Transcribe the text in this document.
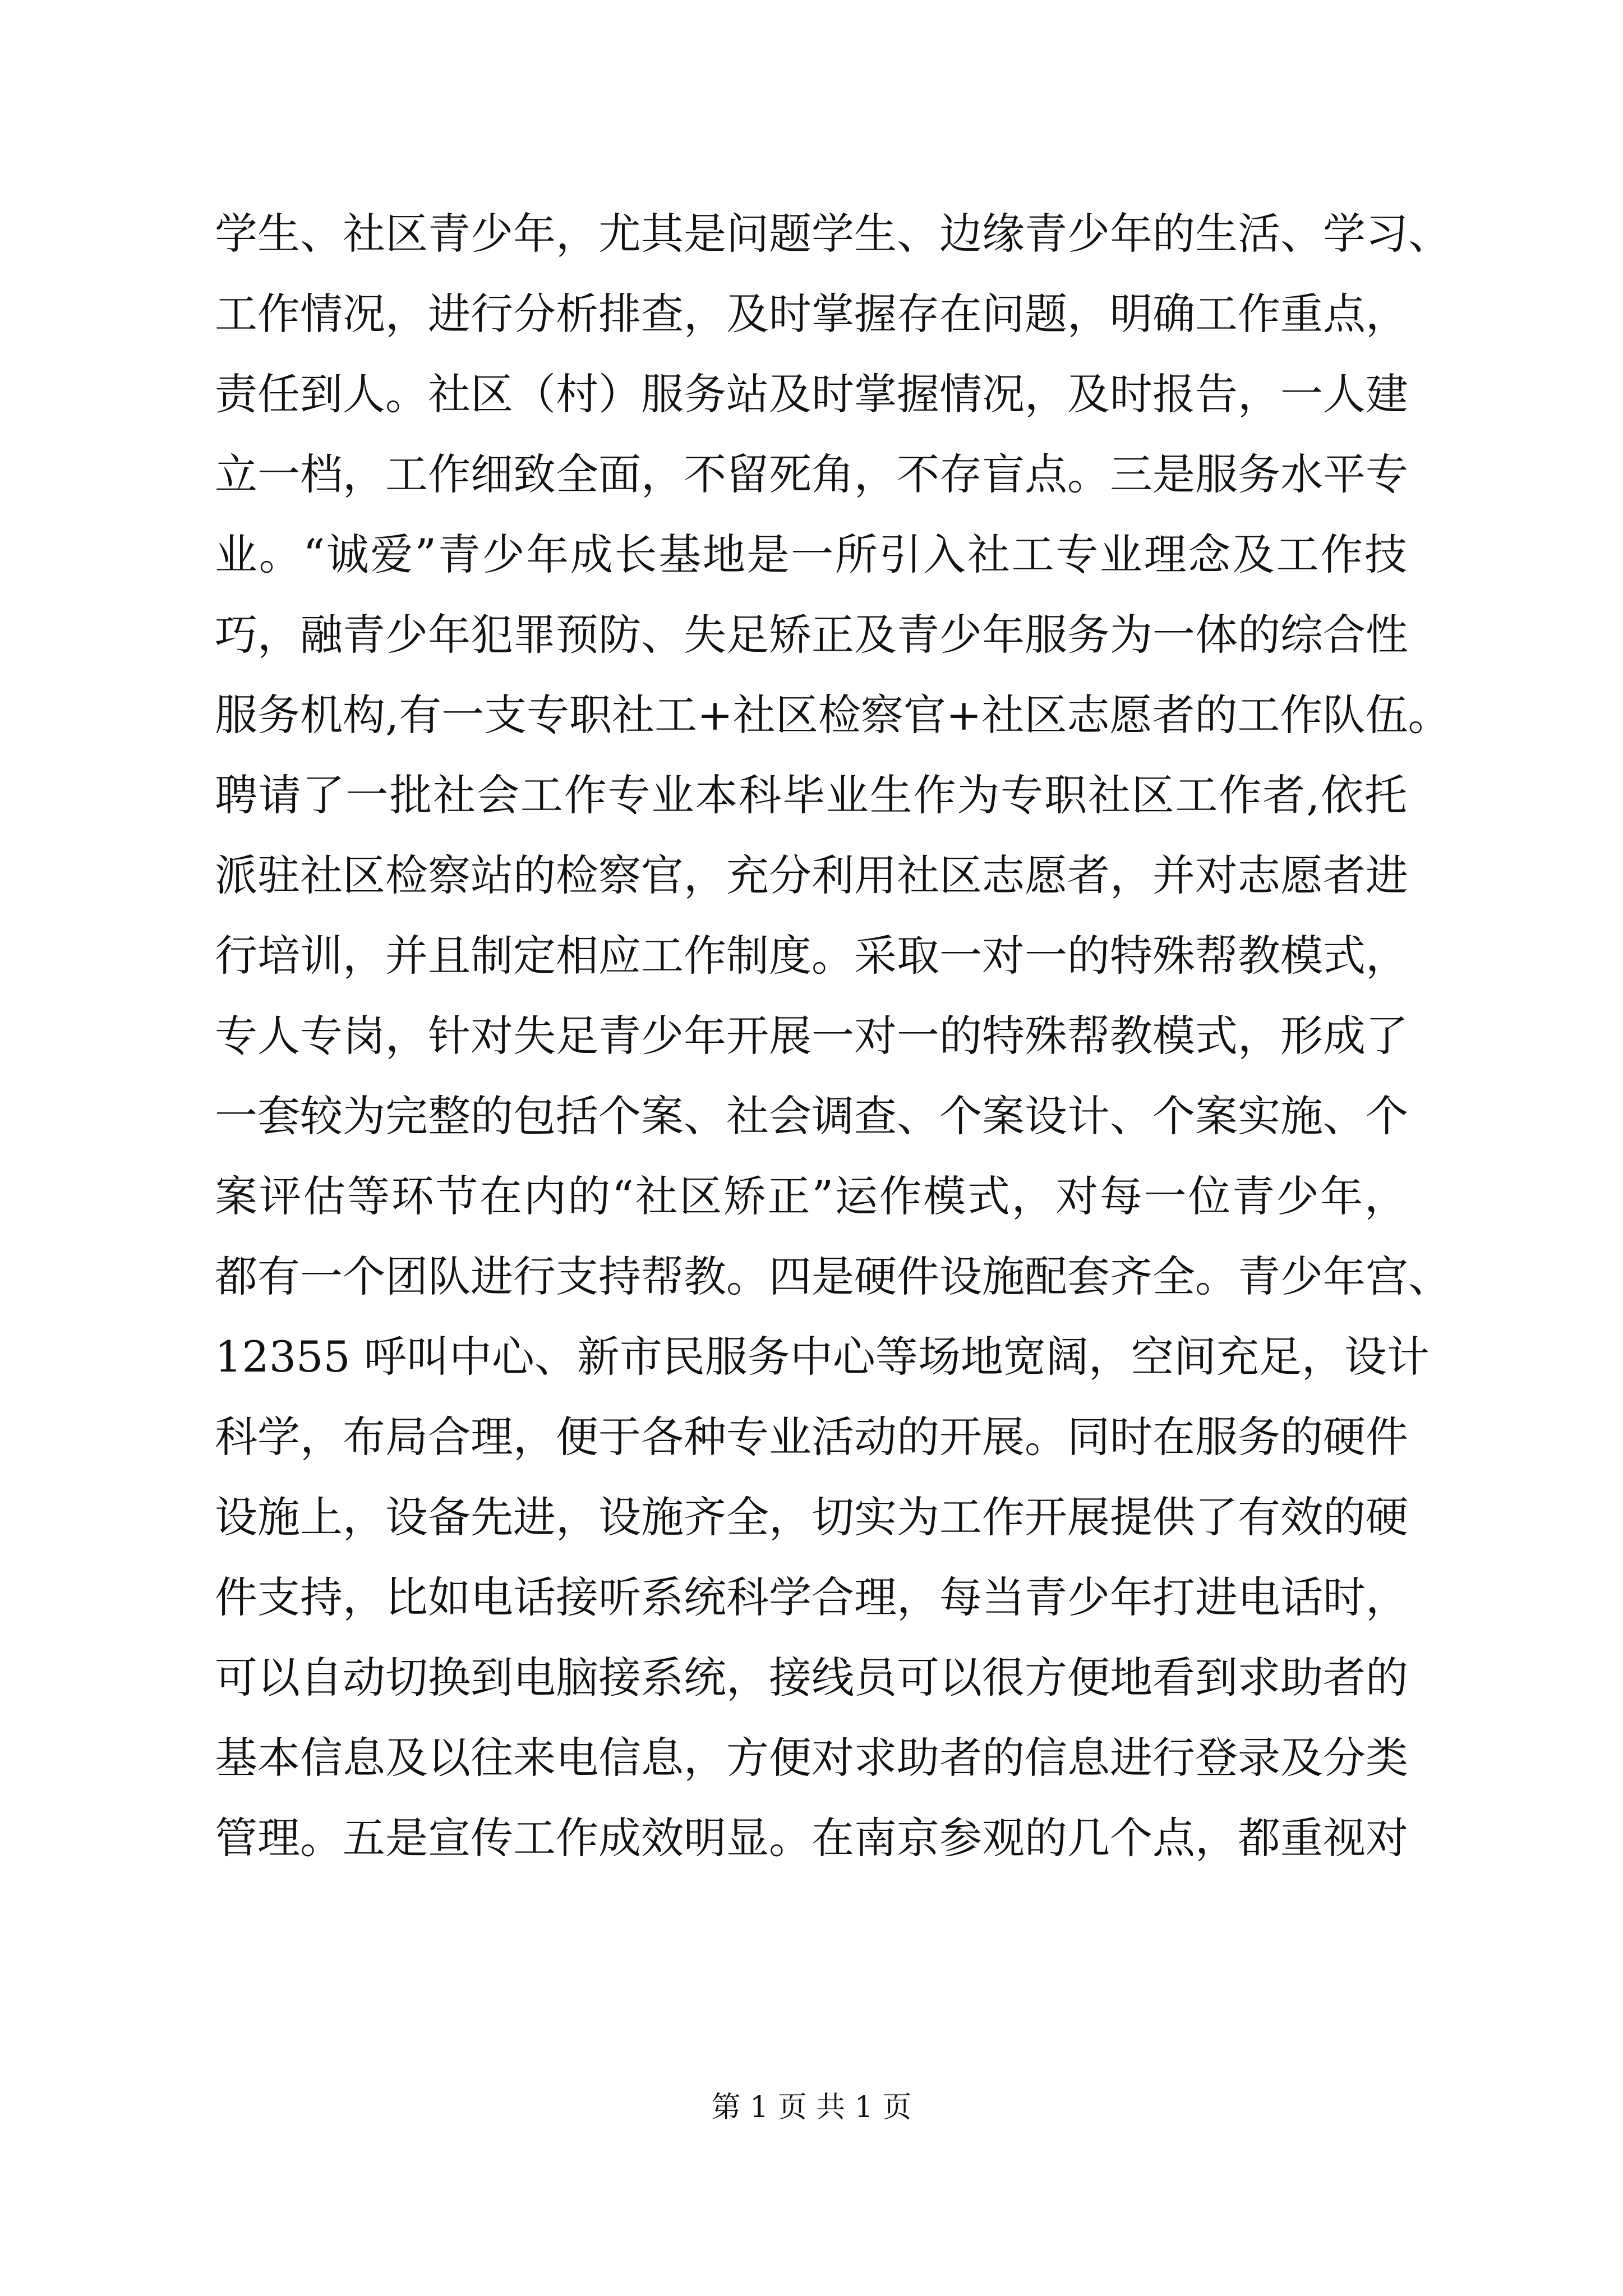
学生、社区青少年，尤其是问题学生、边缘青少年的生活、学习、
工作情况，进行分析排查，及时掌握存在问题，明确工作重点，
责任到人。社区（村）服务站及时掌握情况，及时报告，一人建
立一档，工作细致全面，不留死角，不存盲点。三是服务水平专
业。“诚爱”青少年成长基地是一所引入社工专业理念及工作技
巧，融青少年犯罪预防、失足矫正及青少年服务为一体的综合性
服务机构,有一支专职社工+社区检察官+社区志愿者的工作队伍。
聘请了一批社会工作专业本科毕业生作为专职社区工作者,依托
派驻社区检察站的检察官，充分利用社区志愿者，并对志愿者进
行培训，并且制定相应工作制度。采取一对一的特殊帮教模式，
专人专岗，针对失足青少年开展一对一的特殊帮教模式，形成了
一套较为完整的包括个案、社会调查、个案设计、个案实施、个
案评估等环节在内的“社区矫正”运作模式，对每一位青少年，
都有一个团队进行支持帮教。四是硬件设施配套齐全。青少年宫、
12355 呼叫中心、新市民服务中心等场地宽阔，空间充足，设计
科学，布局合理，便于各种专业活动的开展。同时在服务的硬件
设施上，设备先进，设施齐全，切实为工作开展提供了有效的硬
件支持，比如电话接听系统科学合理，每当青少年打进电话时，
可以自动切换到电脑接系统，接线员可以很方便地看到求助者的
基本信息及以往来电信息，方便对求助者的信息进行登录及分类
管理。五是宣传工作成效明显。在南京参观的几个点，都重视对
第 1 页 共 1 页
